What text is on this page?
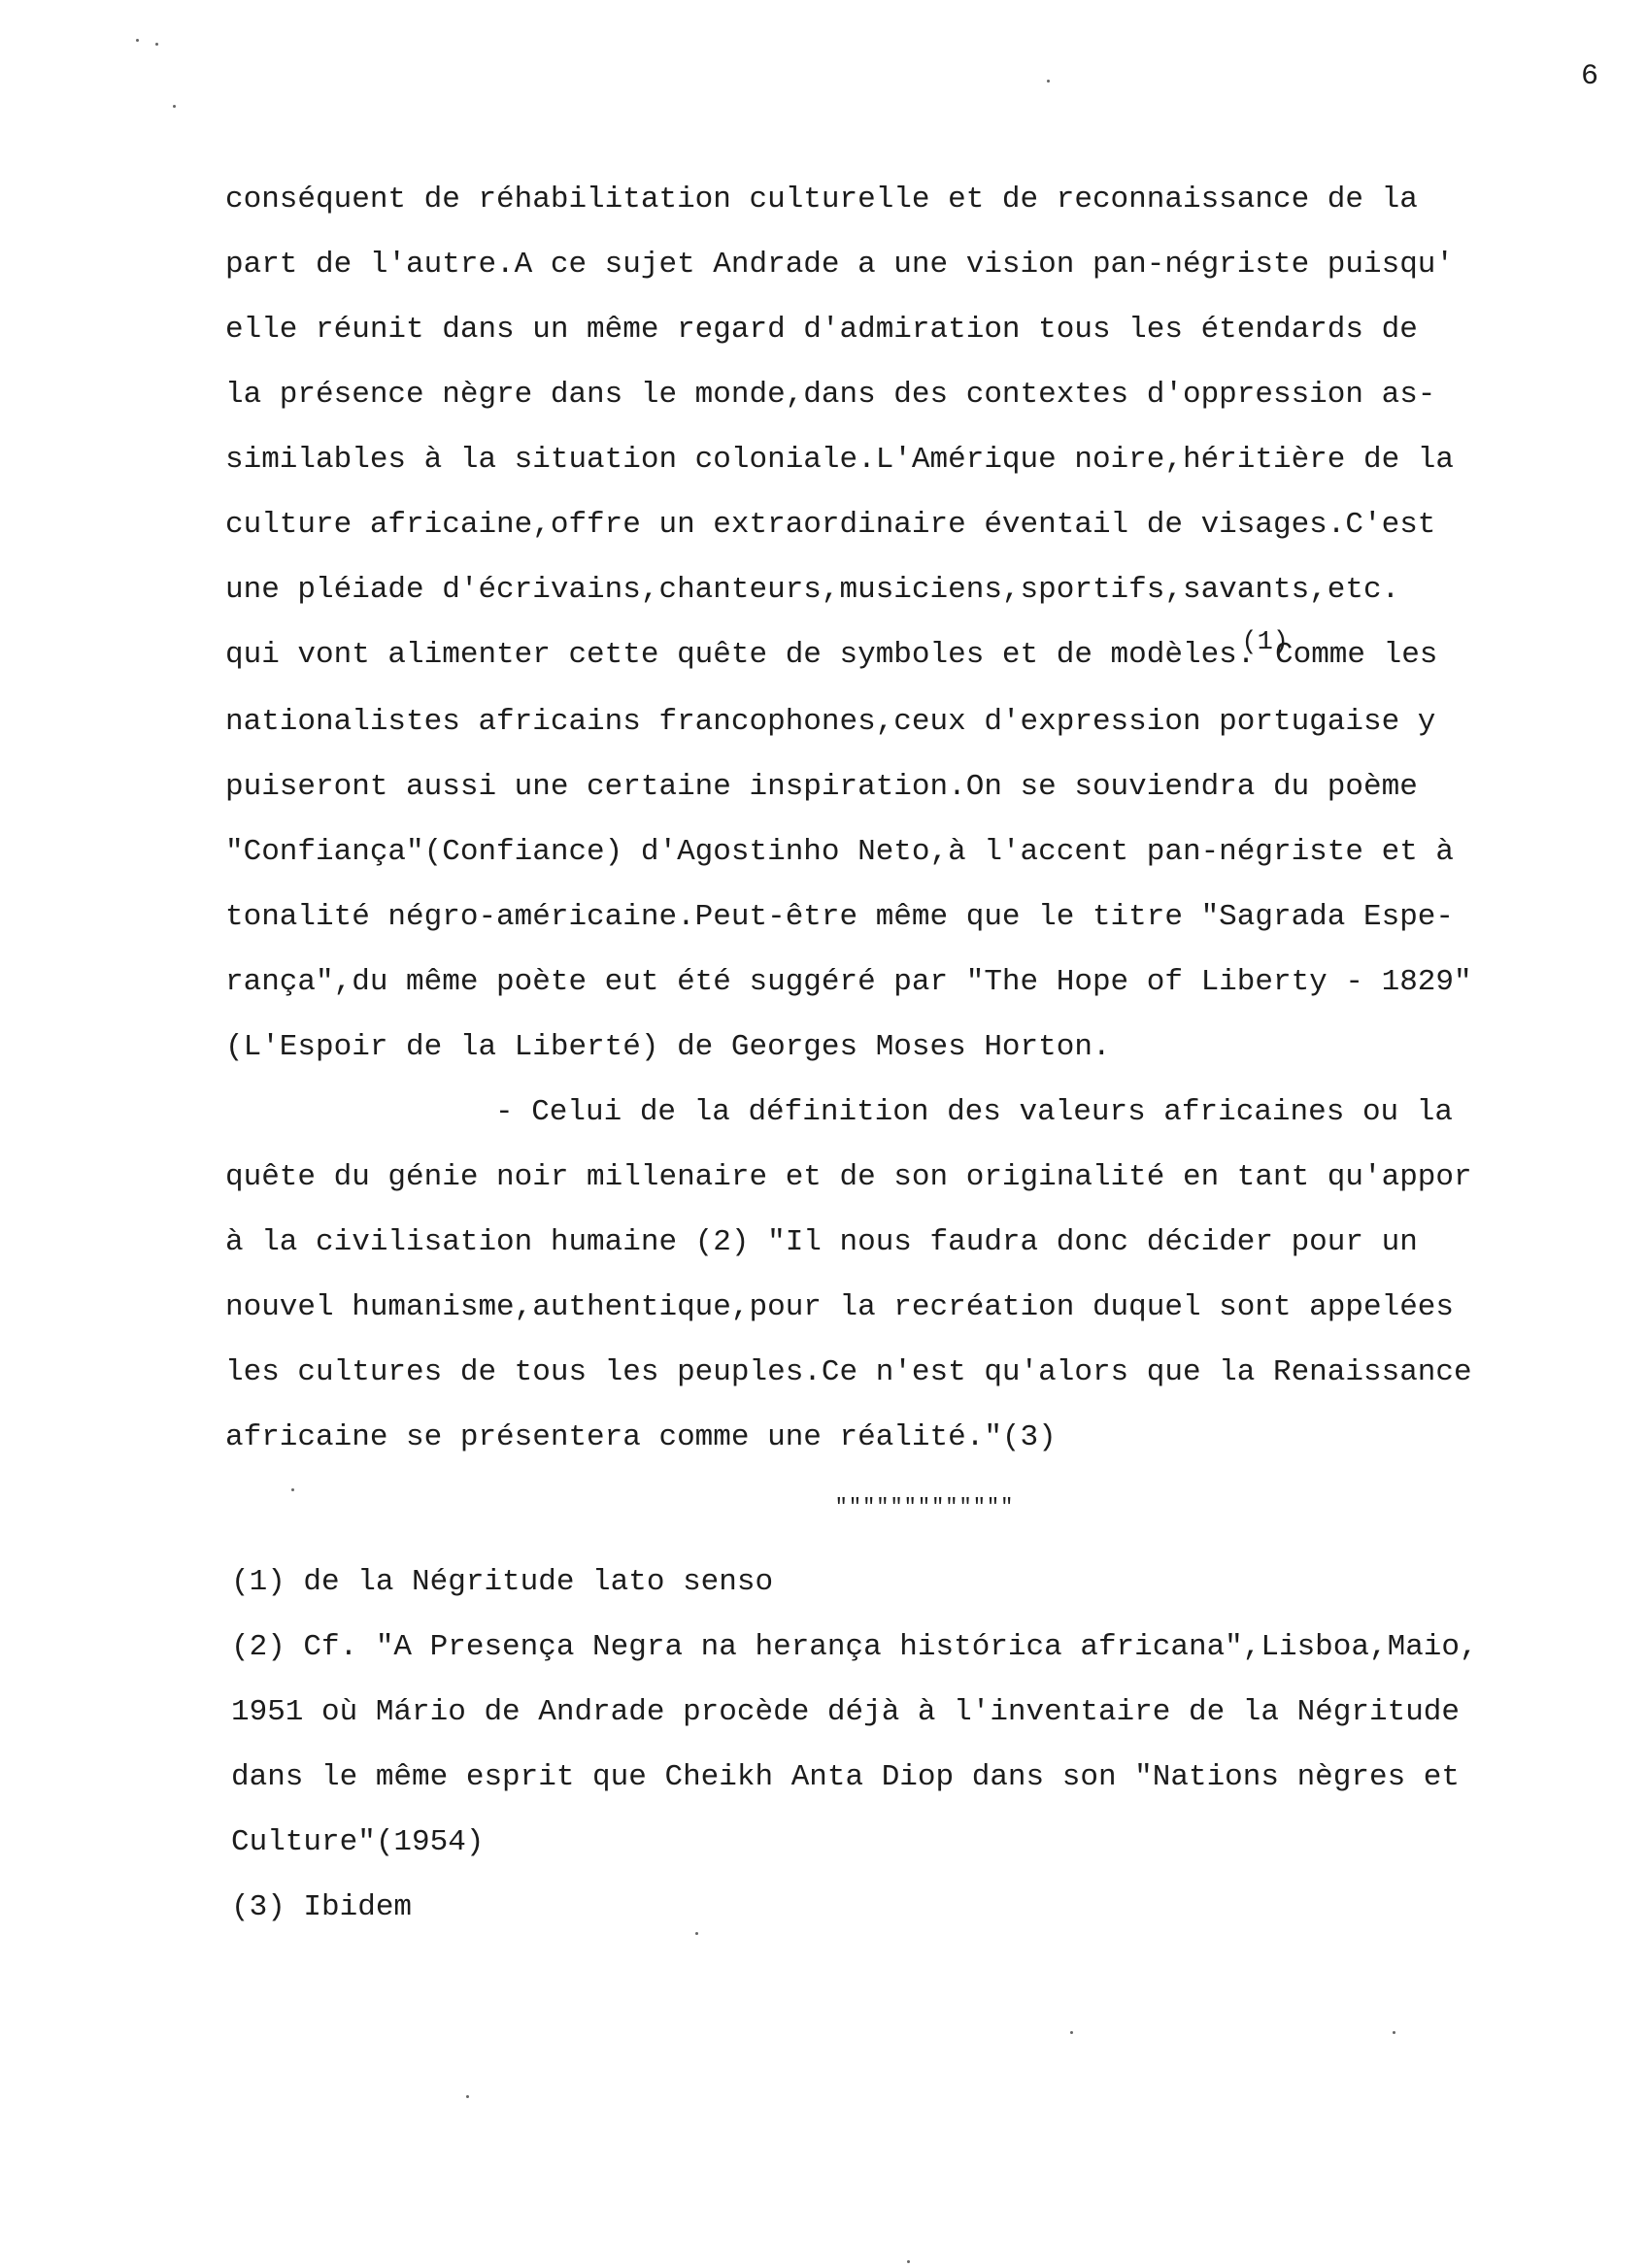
6
conséquent de réhabilitation culturelle et de reconnaissance de la
part de l'autre.A ce sujet Andrade a une vision pan-négriste puisqu'
elle réunit dans un même regard d'admiration tous les étendards de
la présence nègre dans le monde,dans des contextes d'oppression as-
similables à la situation coloniale.L'Amérique noire,héritière de la
culture africaine,offre un extraordinaire éventail de visages.C'est
une pléiade d'écrivains,chanteurs,musiciens,sportifs,savants,etc.
qui vont alimenter cette quête de symboles et de modèles.(1)Comme les
nationalistes africains francophones,ceux d'expression portugaise y
puiseront aussi une certaine inspiration.On se souviendra du poème
"Confiança"(Confiance) d'Agostinho Neto,à l'accent pan-négriste et à
tonalité négro-américaine.Peut-être même que le titre "Sagrada Espe-
rança",du même poète eut été suggéré par "The Hope of Liberty - 1829"
(L'Espoir de la Liberté) de Georges Moses Horton.
- Celui de la définition des valeurs africaines ou la
quête du génie noir millenaire et de son originalité en tant qu'appor
à la civilisation humaine (2) "Il nous faudra donc décider pour un
nouvel humanisme,authentique,pour la recréation duquel sont appelées
les cultures de tous les peuples.Ce n'est qu'alors que la Renaissance
africaine se présentera comme une réalité."(3)
"""""""""""""
(1) de la Négritude lato senso
(2) Cf. "A Presença Negra na herança histórica africana",Lisboa,Maio,
1951 où Mário de Andrade procède déjà à l'inventaire de la Négritude
dans le même esprit que Cheikh Anta Diop dans son "Nations nègres et
Culture"(1954)
(3) Ibidem
